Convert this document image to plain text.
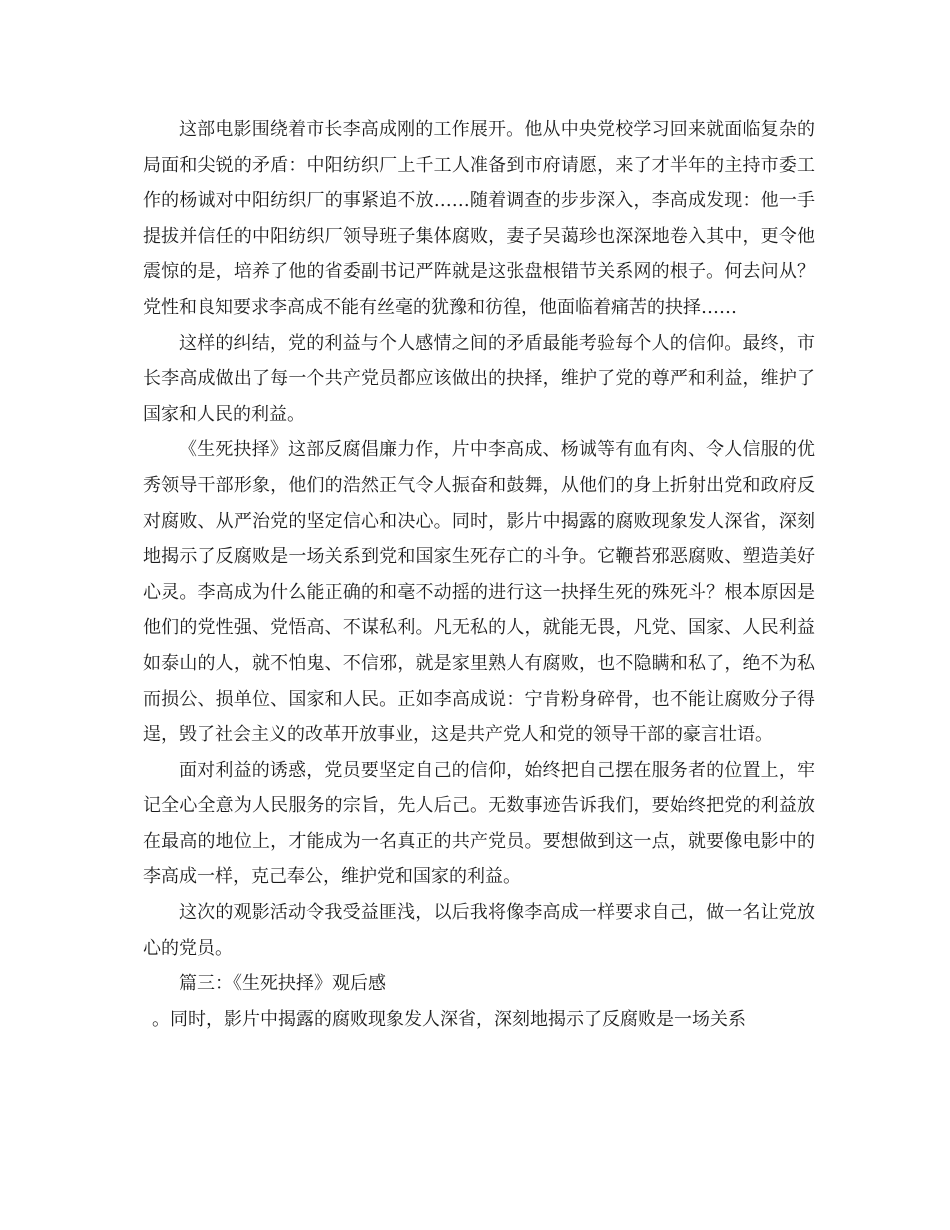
这部电影围绕着市长李高成刚的工作展开。他从中央党校学习回来就面临复杂的局面和尖锐的矛盾：中阳纺织厂上千工人准备到市府请愿，来了才半年的主持市委工作的杨诚对中阳纺织厂的事紧追不放……随着调查的步步深入，李高成发现：他一手提拔并信任的中阳纺织厂领导班子集体腐败，妻子吴蔼珍也深深地卷入其中，更令他震惊的是，培养了他的省委副书记严阵就是这张盘根错节关系网的根子。何去问从？党性和良知要求李高成不能有丝毫的犹豫和彷徨，他面临着痛苦的抉择……

这样的纠结，党的利益与个人感情之间的矛盾最能考验每个人的信仰。最终，市长李高成做出了每一个共产党员都应该做出的抉择，维护了党的尊严和利益，维护了国家和人民的利益。

《生死抉择》这部反腐倡廉力作，片中李高成、杨诚等有血有肉、令人信服的优秀领导干部形象，他们的浩然正气令人振奋和鼓舞，从他们的身上折射出党和政府反对腐败、从严治党的坚定信心和决心。同时，影片中揭露的腐败现象发人深省，深刻地揭示了反腐败是一场关系到党和国家生死存亡的斗争。它鞭苔邪恶腐败、塑造美好心灵。李高成为什么能正确的和毫不动摇的进行这一抉择生死的殊死斗？根本原因是他们的党性强、党悟高、不谋私利。凡无私的人，就能无畏，凡党、国家、人民利益如泰山的人，就不怕鬼、不信邪，就是家里熟人有腐败，也不隐瞒和私了，绝不为私而损公、损单位、国家和人民。正如李高成说：宁肯粉身碎骨，也不能让腐败分子得逞，毁了社会主义的改革开放事业，这是共产党人和党的领导干部的豪言壮语。

面对利益的诱惑，党员要坚定自己的信仰，始终把自己摆在服务者的位置上，牢记全心全意为人民服务的宗旨，先人后己。无数事迹告诉我们，要始终把党的利益放在最高的地位上，才能成为一名真正的共产党员。要想做到这一点，就要像电影中的李高成一样，克己奉公，维护党和国家的利益。

这次的观影活动令我受益匪浅，以后我将像李高成一样要求自己，做一名让党放心的党员。

篇三：《生死抉择》观后感

。同时，影片中揭露的腐败现象发人深省，深刻地揭示了反腐败是一场关系
